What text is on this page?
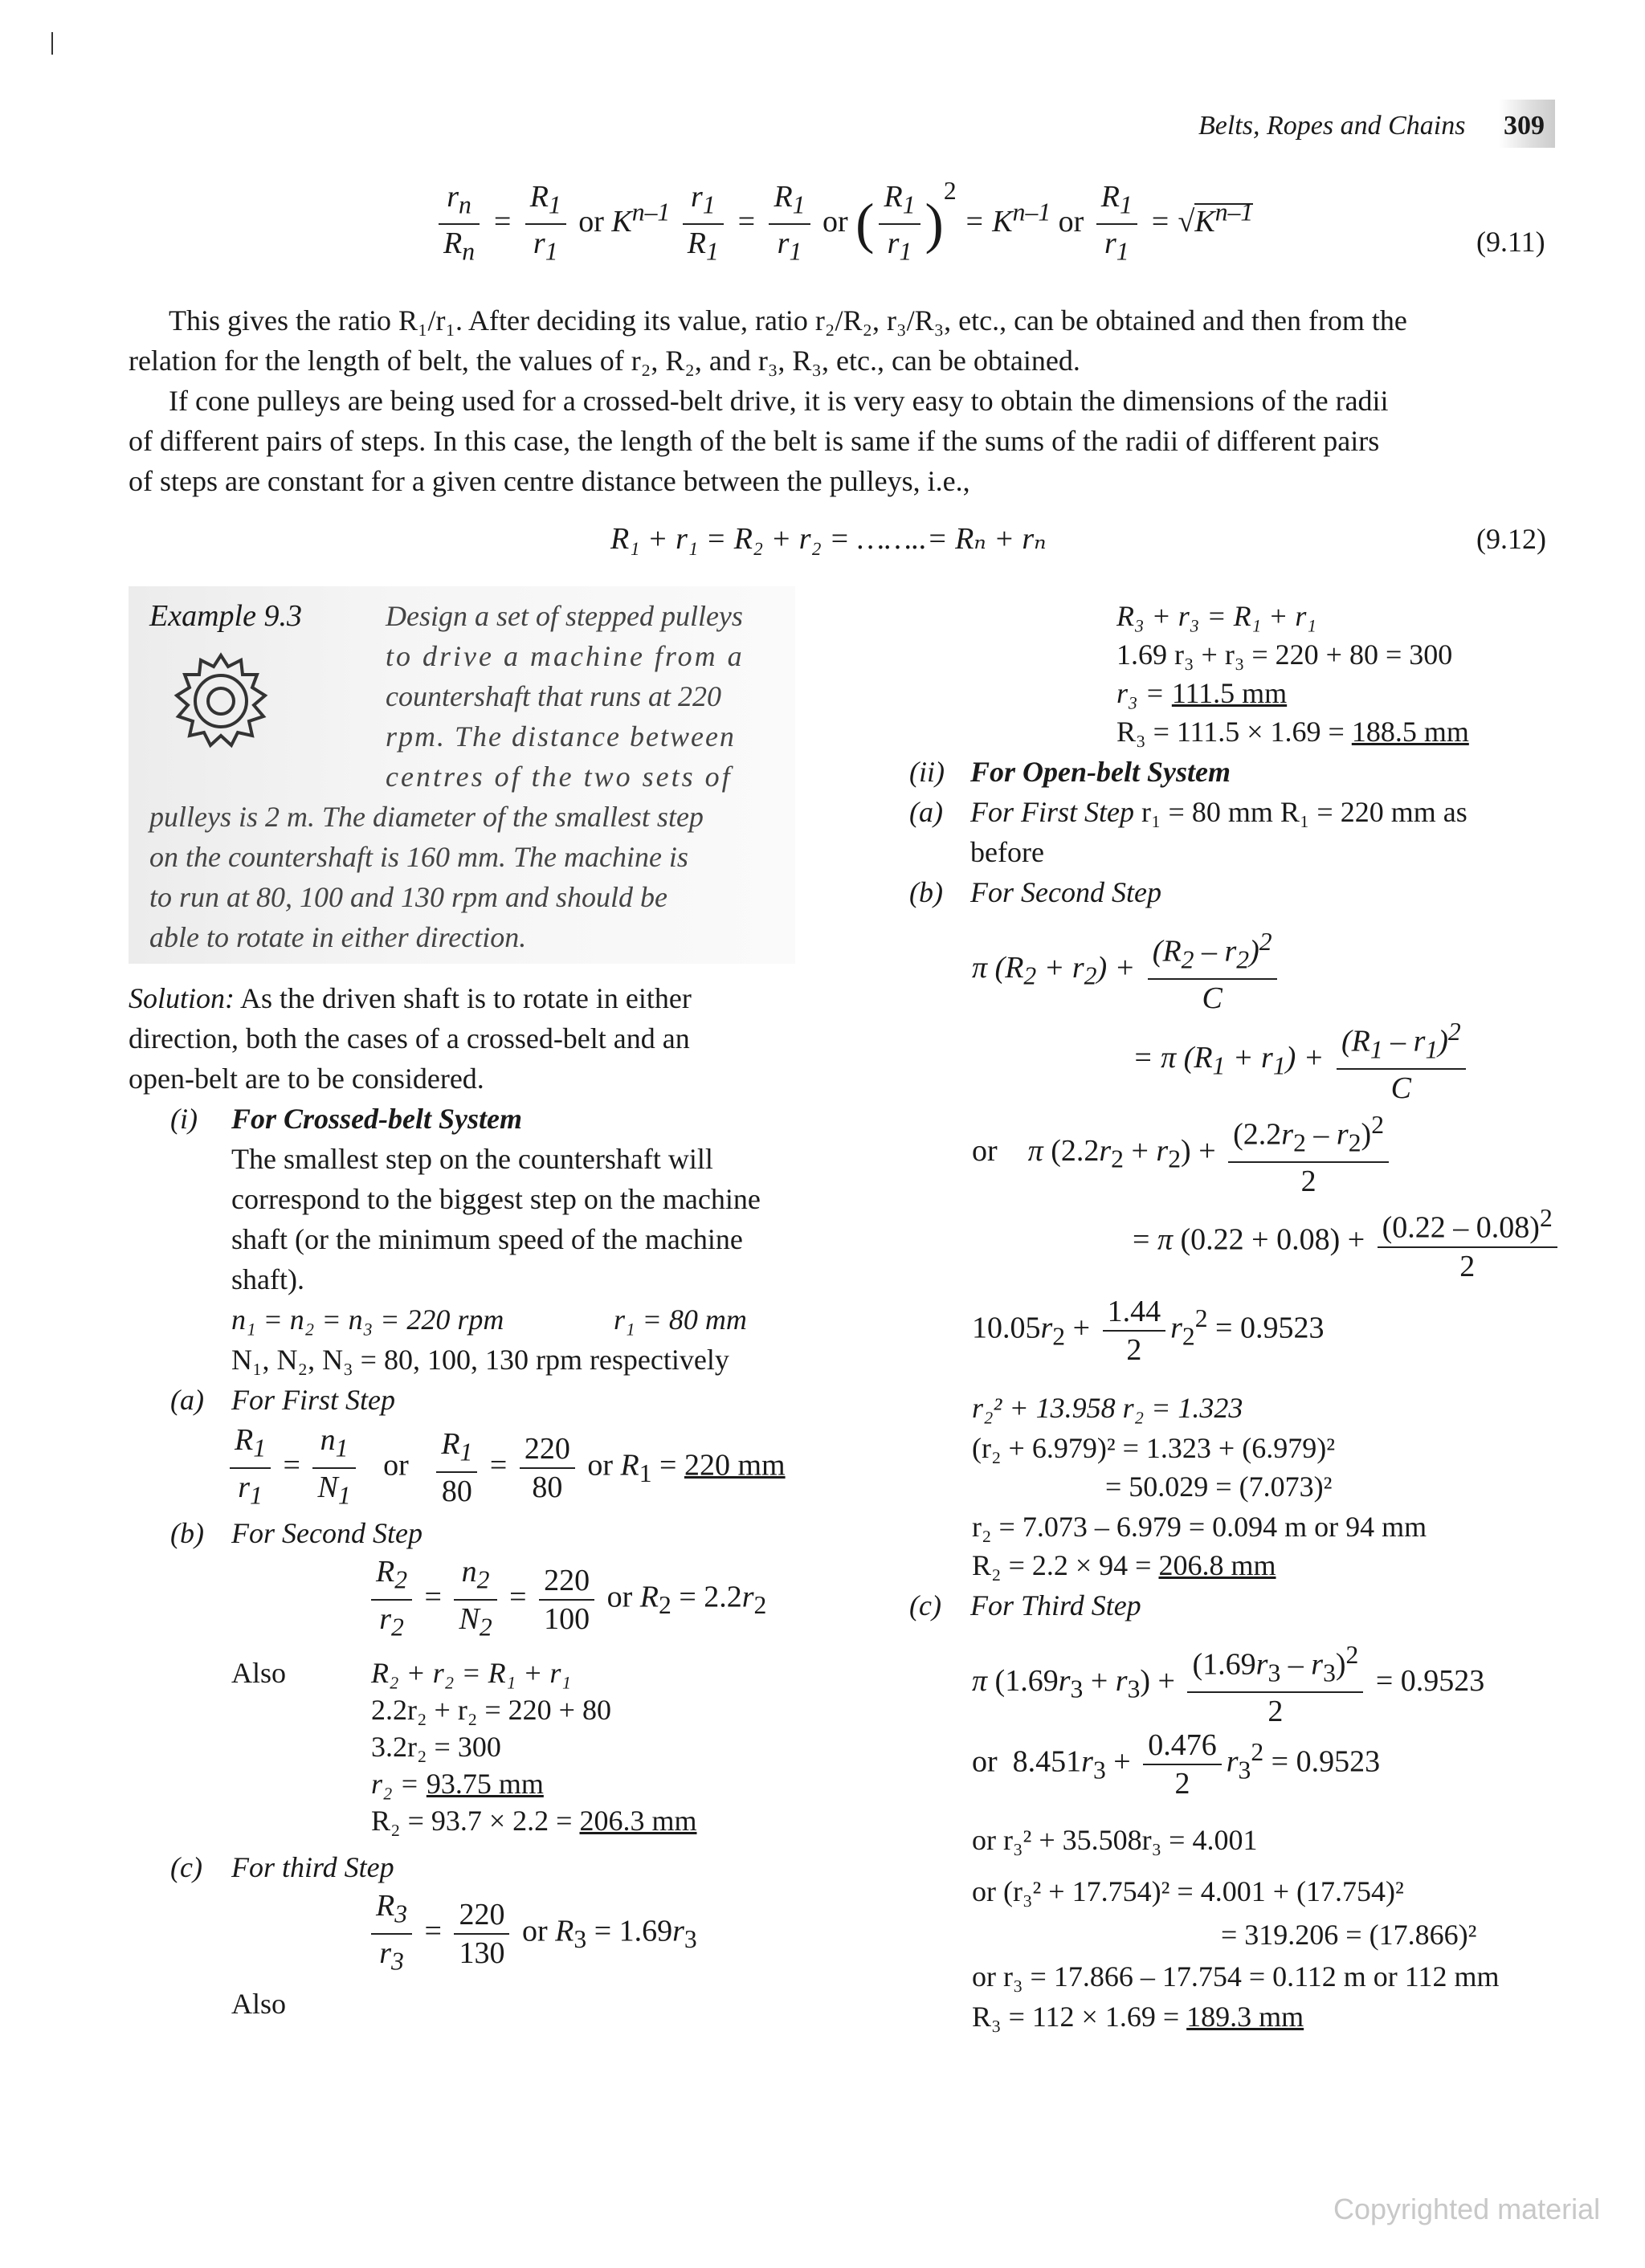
Belts, Ropes and Chains 309
$\frac{r_n}{R_n} = \frac{R_1}{r_1}$ or $K^{n-1} \frac{r_1}{R_1} = \frac{R_1}{r_1}$ or ( $\frac{R_1}{r_1} )^2 = K^{n-1}$ or $\frac{R_1}{r_1} = √K^{n-1}$
(9.11)
This gives the ratio R₁/r₁. After deciding its value, ratio r₂/R₂, r₃/R₃, etc., can be obtained and then from the
relation for the length of belt, the values of r₂, R₂, and r₃, R₃, etc., can be obtained.
If cone pulleys are being used for a crossed-belt drive, it is very easy to obtain the dimensions of the radii
of different pairs of steps. In this case, the length of the belt is same if the sums of the radii of different pairs
of steps are constant for a given centre distance between the pulleys, i.e.,
R₁ + r₁ = R₂ + r₂ = ……..= Rₙ + rₙ	(9.12)
Example 9.3	Design a set of stepped pulleys
to drive a machine from a
countershaft that runs at 220
rpm. The distance between
centres of the two sets of
pulleys is 2 m. The diameter of the smallest step
on the countershaft is 160 mm. The machine is
to run at 80, 100 and 130 rpm and should be
able to rotate in either direction.
Solution: As the driven shaft is to rotate in either
direction, both the cases of a crossed-belt and an
open-belt are to be considered.
(i) For Crossed-belt System
The smallest step on the countershaft will
correspond to the biggest step on the machine
shaft (or the minimum speed of the machine
shaft).
n₁ = n₂ = n₃ = 220 rpm	r₁ = 80 mm
N₁, N₂, N₃ = 80, 100, 130 rpm respectively
(a) For First Step
$\frac{R_1}{r_1} = \frac{n_1}{N_1}$ or $\frac{R_1}{80} = \frac{220}{80}$ or $R_1 = 220$ mm
(b) For Second Step
$\frac{R_2}{r_2} = \frac{n_2}{N_2} = \frac{220}{100}$ or $R_2 = 2.2r_2$
Also	R₂ + r₂ = R₁ + r₁
2.2r₂ + r₂ = 220 + 80
3.2r₂ = 300
r₂ = 93.75 mm
R₂ = 93.7 × 2.2 = 206.3 mm
(c) For third Step
$\frac{R_3}{r_3} = \frac{220}{130}$ or $R_3 = 1.69r_3$
Also
R₃ + r₃ = R₁ + r₁
1.69 r₃ + r₃ = 220 + 80 = 300
r₃ = 111.5 mm
R₃ = 111.5 × 1.69 = 188.5 mm
(ii) For Open-belt System
(a) For First Step r₁ = 80 mm R₁ = 220 mm as
before
(b) For Second Step
π $(R_2 + r_2) + \frac{(R_2 - r_2)^2}{C}$
= π $(R_1 + r_1) + \frac{(R_1 - r_1)^2}{C}$
or    π $(2.2r_2 + r_2) + \frac{(2.2r_2 - r_2)^2}{2}$
= π $(0.22 + 0.08) + \frac{(0.22 - 0.08)^2}{2}$
$10.05r_2 + \frac{1.44}{2} r_2^2 = 0.9523$
r₂² + 13.958 r₂ = 1.323
(r₂ + 6.979)² = 1.323 + (6.979)²
= 50.029 = (7.073)²
r₂ = 7.073 – 6.979 = 0.094 m or 94 mm
R₂ = 2.2 × 94 = 206.8 mm
(c) For Third Step
π $(1.69r_3 + r_3) + \frac{(1.69r_3 - r_3)^2}{2} = 0.9523$
or  $8.451r_3 + \frac{0.476}{2} r_3^2 = 0.9523$
or r₃² + 35.508r₃ = 4.001
or (r₃² + 17.754)² = 4.001 + (17.754)²
= 319.206 = (17.866)²
or r₃ = 17.866 – 17.754 = 0.112 m or 112 mm
R₃ = 112 × 1.69 = 189.3 mm
Copyrighted material
